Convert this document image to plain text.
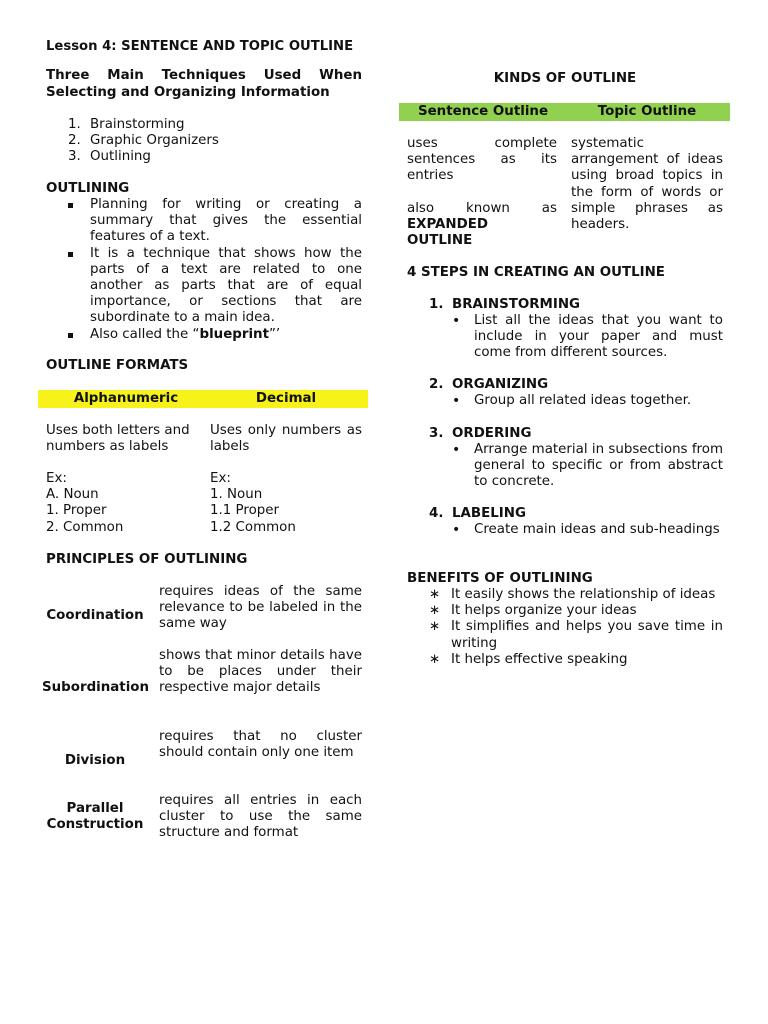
Lesson 4: SENTENCE AND TOPIC OUTLINE
Three Main Techniques Used When
Selecting and Organizing Information
1. Brainstorming
2. Graphic Organizers
3. Outlining
OUTLINING
Planning for writing or creating a summary that gives the essential features of a text.
It is a technique that shows how the parts of a text are related to one another as parts that are of equal importance, or sections that are subordinate to a main idea.
Also called the “blueprint”’
OUTLINE FORMATS
Alphanumeric	Decimal
Uses both letters and numbers as labels
Uses only numbers as labels
Ex:
A. Noun
1. Proper
2. Common
Ex:
1. Noun
1.1 Proper
1.2 Common
PRINCIPLES OF OUTLINING
Coordination
requires ideas of the same relevance to be labeled in the same way
Subordination
shows that minor details have to be places under their respective major details
Division
requires that no cluster should contain only one item
Parallel Construction
requires all entries in each cluster to use the same structure and format
KINDS OF OUTLINE
Sentence Outline	Topic Outline
uses complete sentences as its entries
also known as
EXPANDED OUTLINE
systematic arrangement of ideas using broad topics in the form of words or simple phrases as headers.
4 STEPS IN CREATING AN OUTLINE
1. BRAINSTORMING
• List all the ideas that you want to include in your paper and must come from different sources.
2. ORGANIZING
• Group all related ideas together.
3. ORDERING
• Arrange material in subsections from general to specific or from abstract to concrete.
4. LABELING
• Create main ideas and sub-headings
BENEFITS OF OUTLINING
∗ It easily shows the relationship of ideas
∗ It helps organize your ideas
∗ It simplifies and helps you save time in writing
∗ It helps effective speaking
